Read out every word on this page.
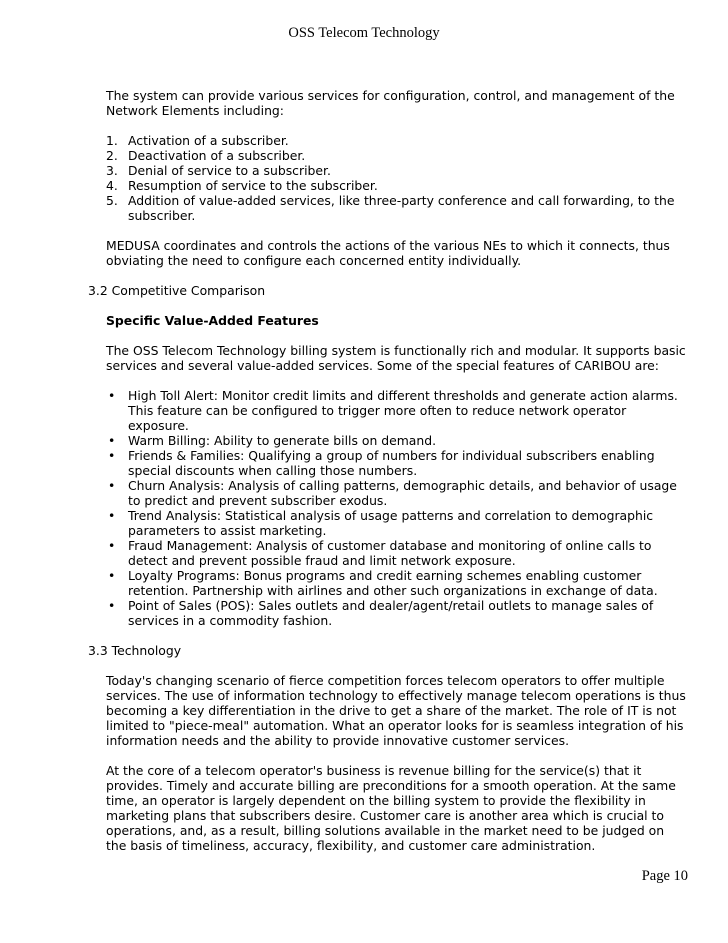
OSS Telecom Technology

The system can provide various services for configuration, control, and management of the Network Elements including:

1. Activation of a subscriber.
2. Deactivation of a subscriber.
3. Denial of service to a subscriber.
4. Resumption of service to the subscriber.
5. Addition of value-added services, like three-party conference and call forwarding, to the subscriber.

MEDUSA coordinates and controls the actions of the various NEs to which it connects, thus obviating the need to configure each concerned entity individually.

3.2 Competitive Comparison
Specific Value-Added Features

The OSS Telecom Technology billing system is functionally rich and modular. It supports basic services and several value-added services. Some of the special features of CARIBOU are:

•	High Toll Alert: Monitor credit limits and different thresholds and generate action alarms. This feature can be configured to trigger more often to reduce network operator exposure.
•	Warm Billing: Ability to generate bills on demand.
•	Friends & Families: Qualifying a group of numbers for individual subscribers enabling special discounts when calling those numbers.
•	Churn Analysis: Analysis of calling patterns, demographic details, and behavior of usage to predict and prevent subscriber exodus.
•	Trend Analysis: Statistical analysis of usage patterns and correlation to demographic parameters to assist marketing.
•	Fraud Management: Analysis of customer database and monitoring of online calls to detect and prevent possible fraud and limit network exposure.
•	Loyalty Programs: Bonus programs and credit earning schemes enabling customer retention. Partnership with airlines and other such organizations in exchange of data.
•	Point of Sales (POS): Sales outlets and dealer/agent/retail outlets to manage sales of services in a commodity fashion.
3.3 Technology

Today's changing scenario of fierce competition forces telecom operators to offer multiple services. The use of information technology to effectively manage telecom operations is thus becoming a key differentiation in the drive to get a share of the market. The role of IT is not limited to "piece-meal" automation. What an operator looks for is seamless integration of his information needs and the ability to provide innovative customer services.

At the core of a telecom operator's business is revenue billing for the service(s) that it provides. Timely and accurate billing are preconditions for a smooth operation. At the same time, an operator is largely dependent on the billing system to provide the flexibility in marketing plans that subscribers desire. Customer care is another area which is crucial to operations, and, as a result, billing solutions available in the market need to be judged on the basis of timeliness, accuracy, flexibility, and customer care administration.

Page 10
